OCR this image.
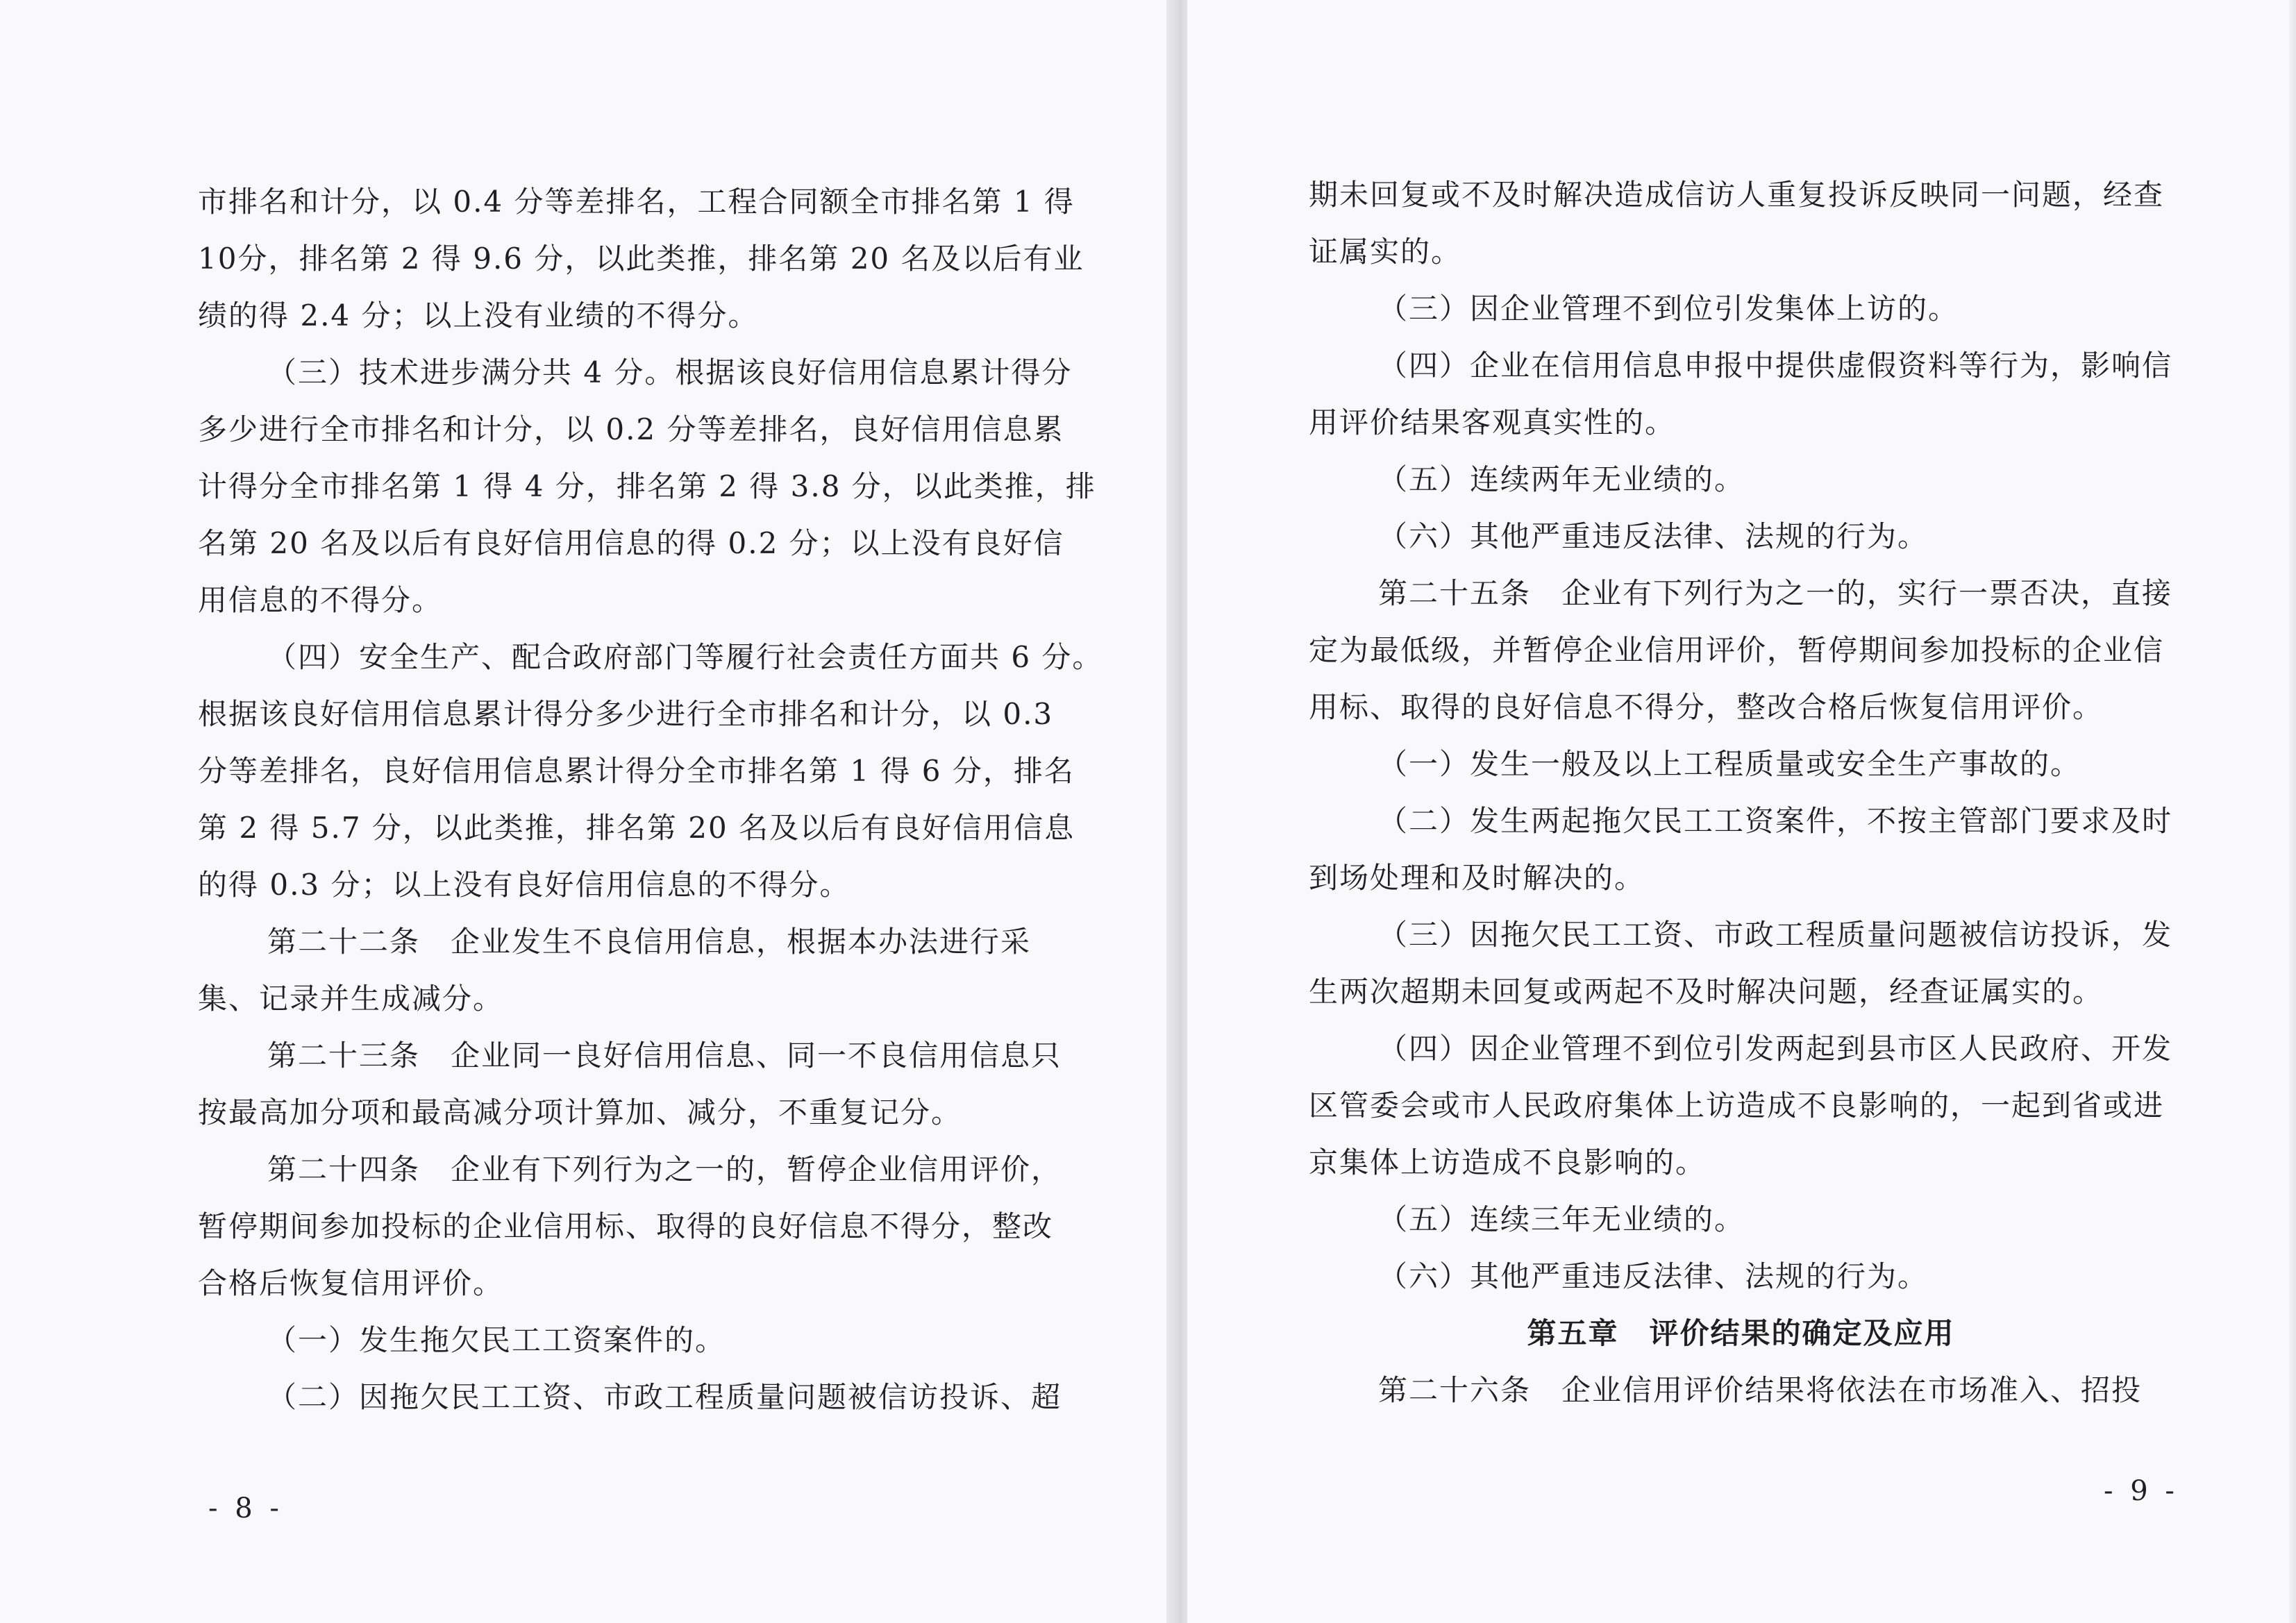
市排名和计分，以 0.4 分等差排名，工程合同额全市排名第 1 得

10分，排名第 2 得 9.6 分，以此类推，排名第 20 名及以后有业

绩的得 2.4 分；以上没有业绩的不得分。

（三）技术进步满分共 4 分。根据该良好信用信息累计得分

多少进行全市排名和计分，以 0.2 分等差排名，良好信用信息累

计得分全市排名第 1 得 4 分，排名第 2 得 3.8 分，以此类推，排

名第 20 名及以后有良好信用信息的得 0.2 分；以上没有良好信

用信息的不得分。

（四）安全生产、配合政府部门等履行社会责任方面共 6 分。

根据该良好信用信息累计得分多少进行全市排名和计分，以 0.3

分等差排名，良好信用信息累计得分全市排名第 1 得 6 分，排名

第 2 得 5.7 分，以此类推，排名第 20 名及以后有良好信用信息

的得 0.3 分；以上没有良好信用信息的不得分。

第二十二条　企业发生不良信用信息，根据本办法进行采

集、记录并生成减分。

第二十三条　企业同一良好信用信息、同一不良信用信息只

按最高加分项和最高减分项计算加、减分，不重复记分。

第二十四条　企业有下列行为之一的，暂停企业信用评价，

暂停期间参加投标的企业信用标、取得的良好信息不得分，整改

合格后恢复信用评价。

（一）发生拖欠民工工资案件的。

（二）因拖欠民工工资、市政工程质量问题被信访投诉、超

- 8 -

期未回复或不及时解决造成信访人重复投诉反映同一问题，经查

证属实的。

（三）因企业管理不到位引发集体上访的。

（四）企业在信用信息申报中提供虚假资料等行为，影响信

用评价结果客观真实性的。

（五）连续两年无业绩的。

（六）其他严重违反法律、法规的行为。

第二十五条　企业有下列行为之一的，实行一票否决，直接

定为最低级，并暂停企业信用评价，暂停期间参加投标的企业信

用标、取得的良好信息不得分，整改合格后恢复信用评价。

（一）发生一般及以上工程质量或安全生产事故的。

（二）发生两起拖欠民工工资案件，不按主管部门要求及时

到场处理和及时解决的。

（三）因拖欠民工工资、市政工程质量问题被信访投诉，发

生两次超期未回复或两起不及时解决问题，经查证属实的。

（四）因企业管理不到位引发两起到县市区人民政府、开发

区管委会或市人民政府集体上访造成不良影响的，一起到省或进

京集体上访造成不良影响的。

（五）连续三年无业绩的。

（六）其他严重违反法律、法规的行为。

第五章　评价结果的确定及应用

第二十六条　企业信用评价结果将依法在市场准入、招投

- 9 -
